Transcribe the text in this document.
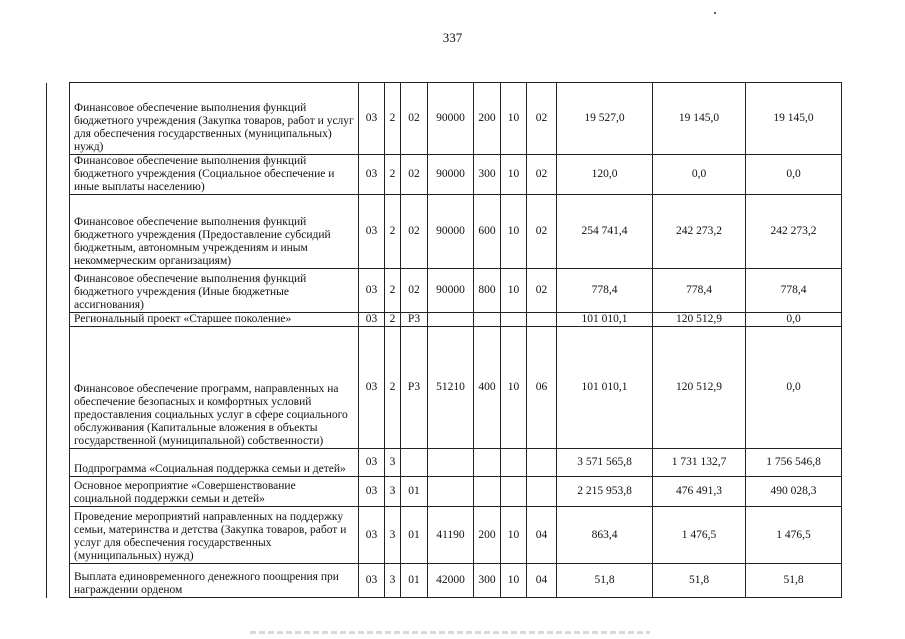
337
	Финансовое обеспечение выполнения функций бюджетного учреждения (Закупка товаров, работ и услуг для обеспечения государственных (муниципальных) нужд)	03	2	02	90000	200	10	02	19 527,0	19 145,0	19 145,0
	Финансовое обеспечение выполнения функций бюджетного учреждения (Социальное обеспечение и иные выплаты населению)	03	2	02	90000	300	10	02	120,0	0,0	0,0
	Финансовое обеспечение выполнения функций бюджетного учреждения (Предоставление субсидий бюджетным, автономным учреждениям и иным некоммерческим организациям)	03	2	02	90000	600	10	02	254 741,4	242 273,2	242 273,2
	Финансовое обеспечение выполнения функций бюджетного учреждения (Иные бюджетные ассигнования)	03	2	02	90000	800	10	02	778,4	778,4	778,4
	Региональный проект «Старшее поколение»	03	2	Р3					101 010,1	120 512,9	0,0
	Финансовое обеспечение программ, направленных на обеспечение безопасных и комфортных условий предоставления социальных услуг в сфере социального обслуживания (Капитальные вложения в объекты государственной (муниципальной) собственности)	03	2	Р3	51210	400	10	06	101 010,1	120 512,9	0,0
	Подпрограмма «Социальная поддержка семьи и детей»	03	3						3 571 565,8	1 731 132,7	1 756 546,8
	Основное мероприятие «Совершенствование социальной поддержки семьи и детей»	03	3	01					2 215 953,8	476 491,3	490 028,3
	Проведение мероприятий направленных на поддержку семьи, материнства и детства (Закупка товаров, работ и услуг для обеспечения государственных (муниципальных) нужд)	03	3	01	41190	200	10	04	863,4	1 476,5	1 476,5
	Выплата единовременного денежного поощрения при награждении орденом	03	3	01	42000	300	10	04	51,8	51,8	51,8
